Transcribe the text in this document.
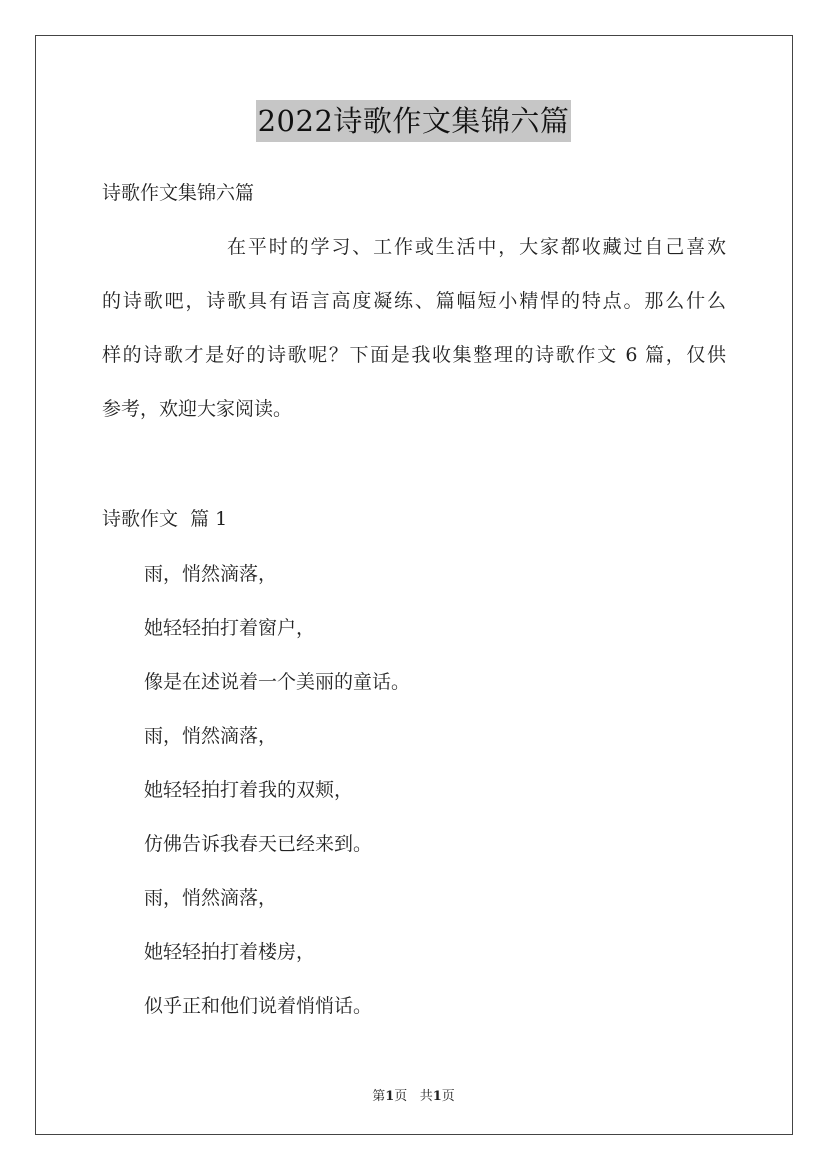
2022诗歌作文集锦六篇
诗歌作文集锦六篇
在平时的学习、工作或生活中，大家都收藏过自己喜欢
的诗歌吧，诗歌具有语言高度凝练、篇幅短小精悍的特点。那么什么
样的诗歌才是好的诗歌呢？下面是我收集整理的诗歌作文 6 篇，仅供
参考，欢迎大家阅读。
诗歌作文  篇 1
雨，悄然滴落，
她轻轻拍打着窗户，
像是在述说着一个美丽的童话。
雨，悄然滴落，
她轻轻拍打着我的双颊，
仿佛告诉我春天已经来到。
雨，悄然滴落，
她轻轻拍打着楼房，
似乎正和他们说着悄悄话。
第1页   共1页
